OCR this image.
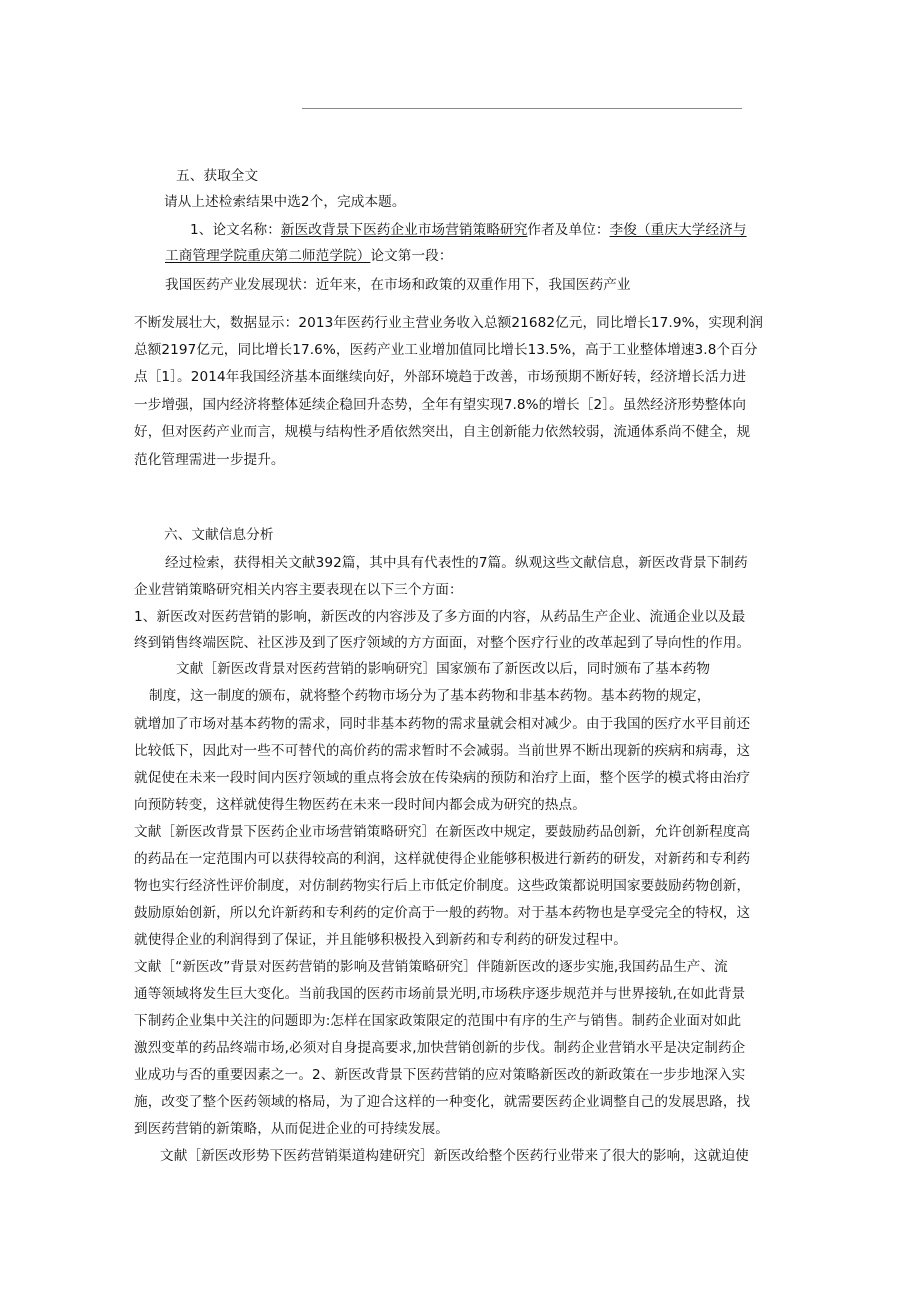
五、获取全文
请从上述检索结果中选2个，完成本题。
1、论文名称：新医改背景下医药企业市场营销策略研究作者及单位：李俊（重庆大学经济与
工商管理学院重庆第二师范学院）论文第一段：
我国医药产业发展现状：近年来，在市场和政策的双重作用下，我国医药产业
不断发展壮大，数据显示：2013年医药行业主营业务收入总额21682亿元，同比增长17.9%，实现利润
总额2197亿元，同比增长17.6%，医药产业工业增加值同比增长13.5%，高于工业整体增速3.8个百分
点［1］。2014年我国经济基本面继续向好，外部环境趋于改善，市场预期不断好转，经济增长活力进
一步增强，国内经济将整体延续企稳回升态势，全年有望实现7.8%的增长［2］。虽然经济形势整体向
好，但对医药产业而言，规模与结构性矛盾依然突出，自主创新能力依然较弱，流通体系尚不健全，规
范化管理需进一步提升。
六、文献信息分析
经过检索，获得相关文献392篇，其中具有代表性的7篇。纵观这些文献信息，新医改背景下制药
企业营销策略研究相关内容主要表现在以下三个方面：
1、新医改对医药营销的影响，新医改的内容涉及了多方面的内容，从药品生产企业、流通企业以及最
终到销售终端医院、社区涉及到了医疗领域的方方面面，对整个医疗行业的改革起到了导向性的作用。
文献［新医改背景对医药营销的影响研究］国家颁布了新医改以后，同时颁布了基本药物
制度，这一制度的颁布，就将整个药物市场分为了基本药物和非基本药物。基本药物的规定，
就增加了市场对基本药物的需求，同时非基本药物的需求量就会相对减少。由于我国的医疗水平目前还
比较低下，因此对一些不可替代的高价药的需求暂时不会减弱。当前世界不断出现新的疾病和病毒，这
就促使在未来一段时间内医疗领域的重点将会放在传染病的预防和治疗上面，整个医学的模式将由治疗
向预防转变，这样就使得生物医药在未来一段时间内都会成为研究的热点。
文献［新医改背景下医药企业市场营销策略研究］在新医改中规定，要鼓励药品创新，允许创新程度高
的药品在一定范围内可以获得较高的利润，这样就使得企业能够积极进行新药的研发，对新药和专利药
物也实行经济性评价制度，对仿制药物实行后上市低定价制度。这些政策都说明国家要鼓励药物创新，
鼓励原始创新，所以允许新药和专利药的定价高于一般的药物。对于基本药物也是享受完全的特权，这
就使得企业的利润得到了保证，并且能够积极投入到新药和专利药的研发过程中。
文献［“新医改”背景对医药营销的影响及营销策略研究］伴随新医改的逐步实施,我国药品生产、流
通等领域将发生巨大变化。当前我国的医药市场前景光明,市场秩序逐步规范并与世界接轨,在如此背景
下制药企业集中关注的问题即为:怎样在国家政策限定的范围中有序的生产与销售。制药企业面对如此
激烈变革的药品终端市场,必须对自身提高要求,加快营销创新的步伐。制药企业营销水平是决定制药企
业成功与否的重要因素之一。2、新医改背景下医药营销的应对策略新医改的新政策在一步步地深入实
施，改变了整个医药领域的格局，为了迎合这样的一种变化，就需要医药企业调整自己的发展思路，找
到医药营销的新策略，从而促进企业的可持续发展。
文献［新医改形势下医药营销渠道构建研究］新医改给整个医药行业带来了很大的影响，这就迫使
